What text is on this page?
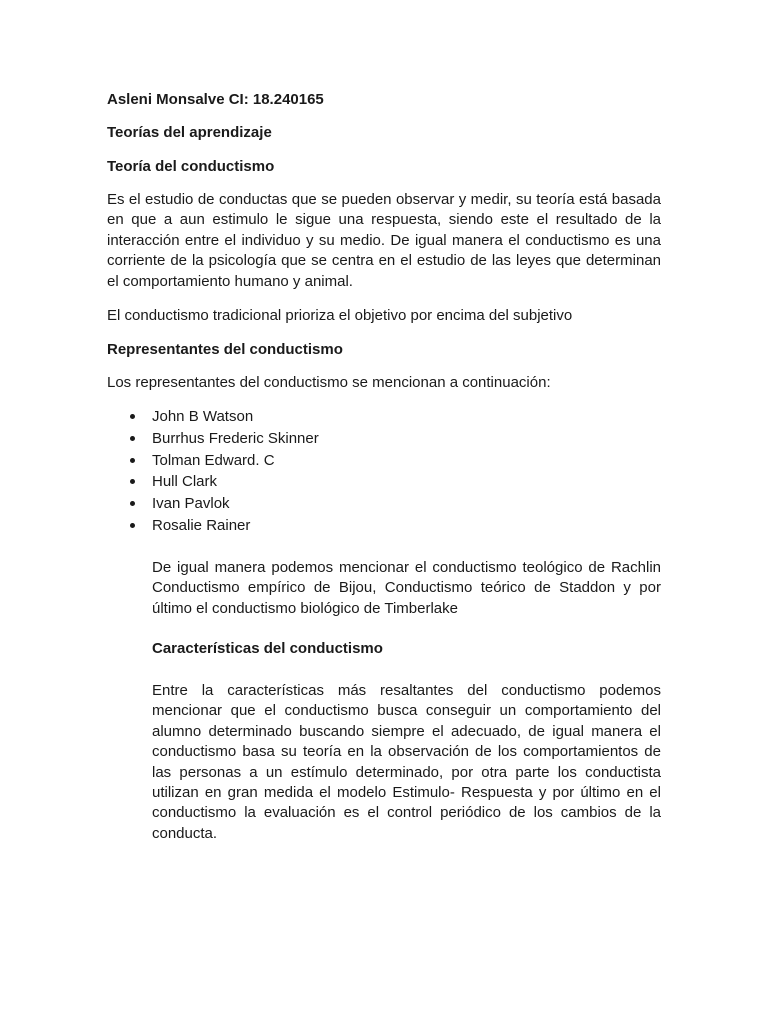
Asleni Monsalve CI: 18.240165

Teorías del aprendizaje

Teoría del conductismo

Es el estudio de conductas que se pueden observar y medir, su teoría está basada en que a aun estimulo le sigue una respuesta, siendo este el resultado de la interacción entre el individuo y su medio. De igual manera el conductismo es una corriente de la psicología que se centra en el estudio de las leyes que determinan el comportamiento humano y animal.

El conductismo tradicional prioriza el objetivo por encima del subjetivo

Representantes del conductismo

Los representantes del conductismo se mencionan a continuación:

John B Watson
Burrhus Frederic Skinner
Tolman Edward. C
Hull Clark
Ivan Pavlok
Rosalie Rainer

De igual manera podemos mencionar el conductismo teológico de Rachlin Conductismo empírico de Bijou, Conductismo teórico de Staddon y por último el conductismo biológico de Timberlake

Características del conductismo

Entre la características más resaltantes del conductismo podemos mencionar que el conductismo busca conseguir un comportamiento del alumno determinado buscando siempre el adecuado, de igual manera el conductismo basa su teoría en la observación de los comportamientos de las personas a un estímulo determinado, por otra parte los conductista utilizan en gran medida el modelo Estimulo- Respuesta y por último en el conductismo la evaluación es el control periódico de los cambios de la conducta.
